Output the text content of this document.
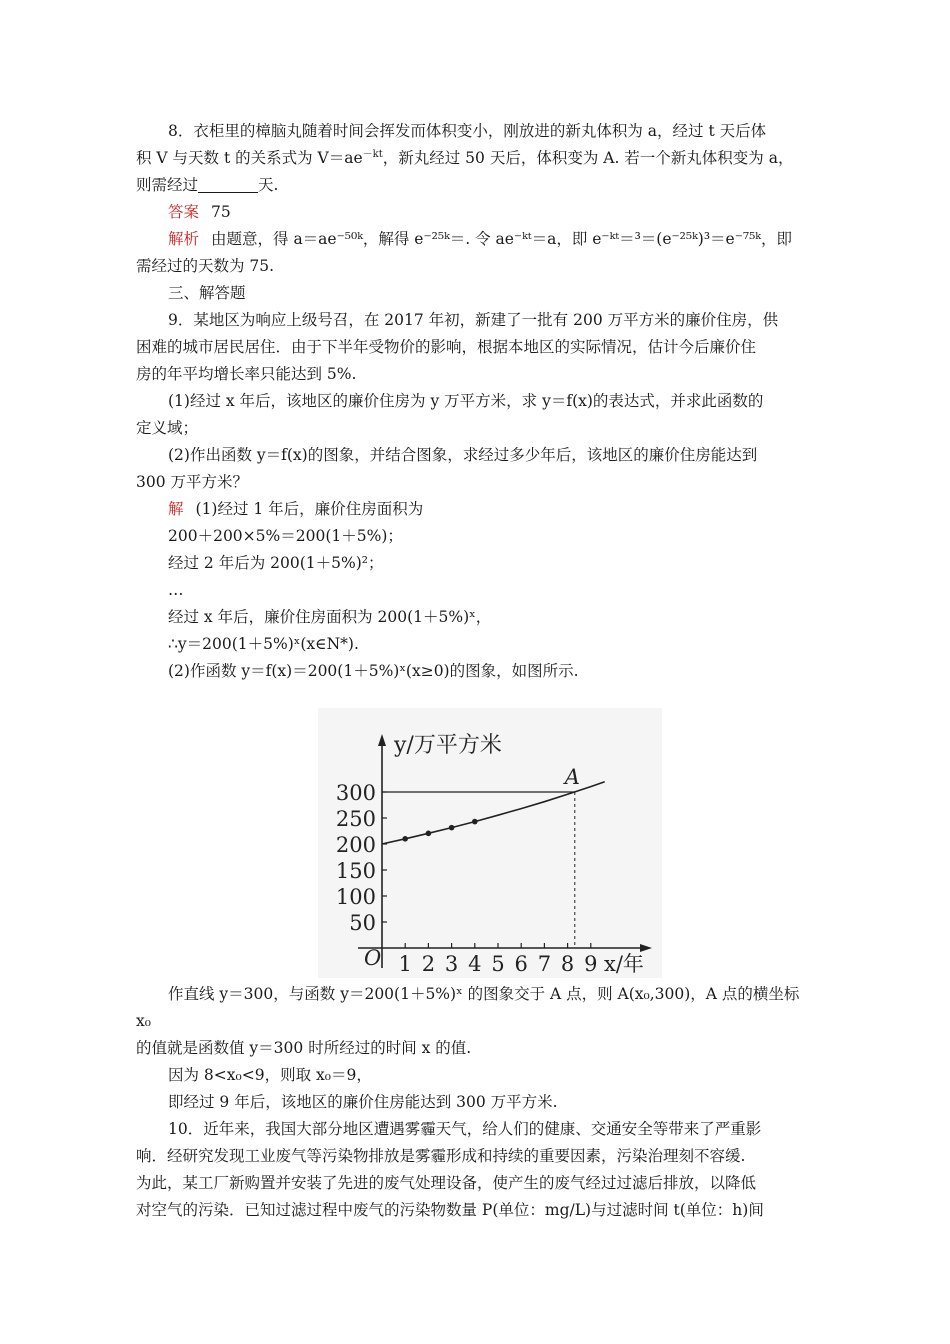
8．衣柜里的樟脑丸随着时间会挥发而体积变小，刚放进的新丸体积为 a，经过 t 天后体

积 V 与天数 t 的关系式为 $V=ae^{-kt}$，新丸经过 50 天后，体积变为 A. 若一个新丸体积变为 a，

则需经过	天.

答案 75

解析 由题意，得 a＝ae⁻⁵⁰ᵏ，解得 e⁻²⁵ᵏ＝. 令 ae⁻ᵏᵗ＝a，即 e⁻ᵏᵗ＝³＝(e⁻²⁵ᵏ)³＝e⁻⁷⁵ᵏ，即

需经过的天数为 75.

三、解答题

9．某地区为响应上级号召，在 2017 年初，新建了一批有 200 万平方米的廉价住房，供

困难的城市居民居住．由于下半年受物价的影响，根据本地区的实际情况，估计今后廉价住

房的年平均增长率只能达到 5%.

(1)经过 x 年后，该地区的廉价住房为 y 万平方米，求 y＝f(x)的表达式，并求此函数的

定义域；

(2)作出函数 y＝f(x)的图象，并结合图象，求经过多少年后，该地区的廉价住房能达到

300 万平方米？

解 (1)经过 1 年后，廉价住房面积为

200＋200×5%＝200(1＋5%)；

经过 2 年后为 200(1＋5%)²；

…

经过 x 年后，廉价住房面积为 200(1＋5%)ˣ，

∴y＝200(1＋5%)ˣ(x∈N*).

(2)作函数 y＝f(x)＝200(1＋5%)ˣ(x≥0)的图象，如图所示.

作直线 y＝300，与函数 y＝200(1＋5%)ˣ 的图象交于 A 点，则 A(x₀,300)，A 点的横坐标 x₀

的值就是函数值 y＝300 时所经过的时间 x 的值.

因为 8<x₀<9，则取 x₀＝9，

即经过 9 年后，该地区的廉价住房能达到 300 万平方米.

10．近年来，我国大部分地区遭遇雾霾天气，给人们的健康、交通安全等带来了严重影

响．经研究发现工业废气等污染物排放是雾霾形成和持续的重要因素，污染治理刻不容缓.

为此，某工厂新购置并安装了先进的废气处理设备，使产生的废气经过过滤后排放，以降低

对空气的污染．已知过滤过程中废气的污染物数量 P(单位：mg/L)与过滤时间 t(单位：h)间

300
250
200
150
100
50
1 2 3 4 5 6 7 8 9
O
y/万平方米
x/年
A
